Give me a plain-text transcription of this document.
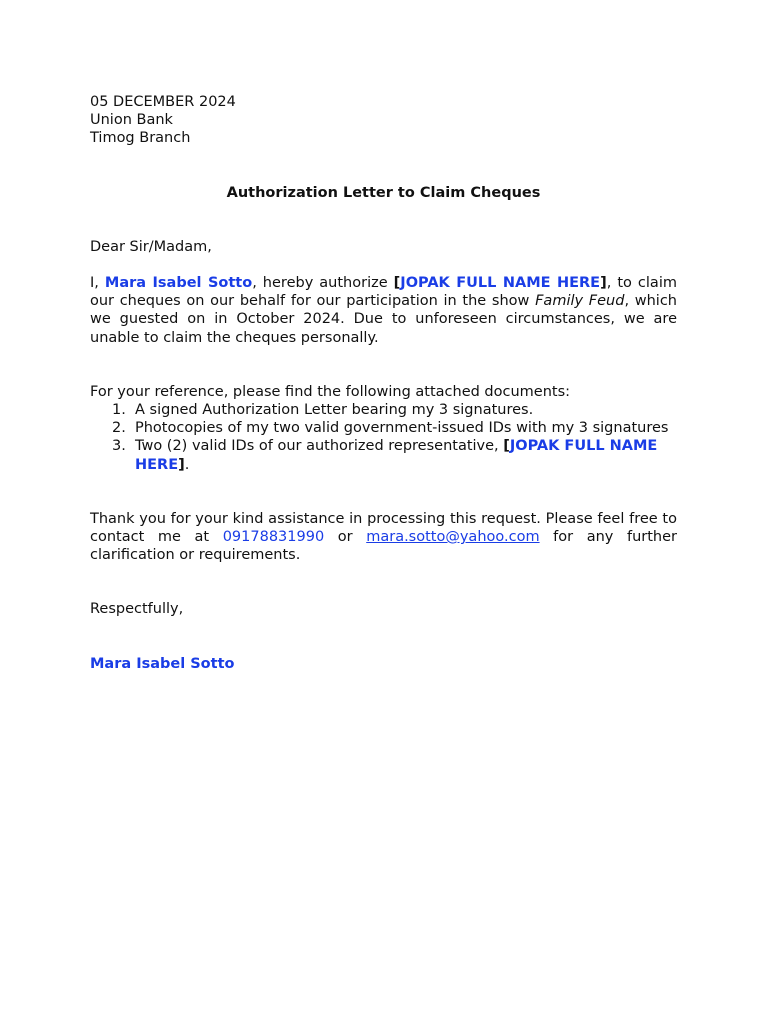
05 DECEMBER 2024

Union Bank

Timog Branch

Authorization Letter to Claim Cheques

Dear Sir/Madam,

I, Mara Isabel Sotto, hereby authorize [JOPAK FULL NAME HERE], to claim our cheques on our behalf for our participation in the show Family Feud, which we guested on in October 2024. Due to unforeseen circumstances, we are unable to claim the cheques personally.

For your reference, please find the following attached documents:

1. A signed Authorization Letter bearing my 3 signatures.
2. Photocopies of my two valid government-issued IDs with my 3 signatures
3. Two (2) valid IDs of our authorized representative, [JOPAK FULL NAME HERE].

Thank you for your kind assistance in processing this request. Please feel free to contact me at 09178831990 or mara.sotto@yahoo.com for any further clarification or requirements.

Respectfully,

Mara Isabel Sotto
